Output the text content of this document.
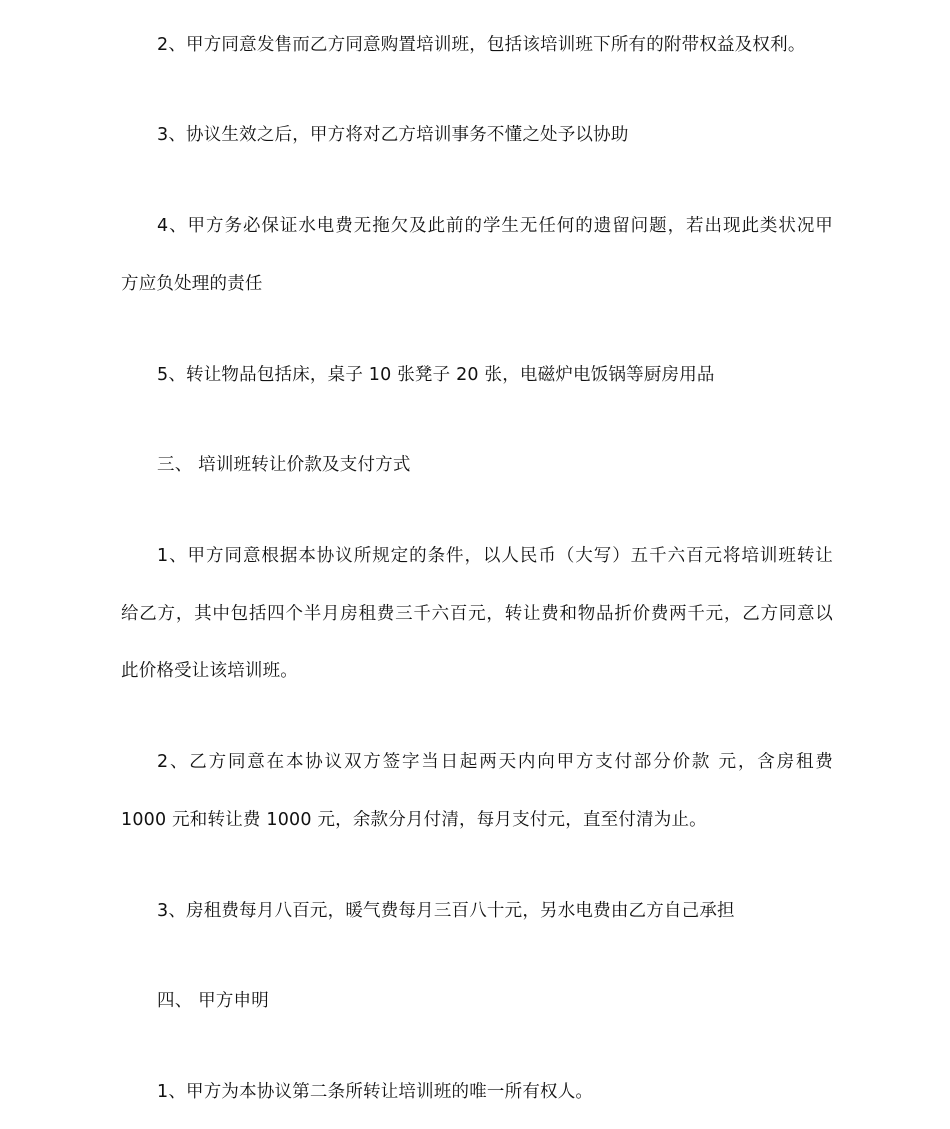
2、甲方同意发售而乙方同意购置培训班，包括该培训班下所有的附带权益及权利。
3、协议生效之后，甲方将对乙方培训事务不懂之处予以协助
4、甲方务必保证水电费无拖欠及此前的学生无任何的遗留问题，若出现此类状况甲
方应负处理的责任
5、转让物品包括床，桌子 10 张凳子 20 张，电磁炉电饭锅等厨房用品
三、 培训班转让价款及支付方式
1、甲方同意根据本协议所规定的条件，以人民币（大写）五千六百元将培训班转让
给乙方，其中包括四个半月房租费三千六百元，转让费和物品折价费两千元，乙方同意以
此价格受让该培训班。
2、乙方同意在本协议双方签字当日起两天内向甲方支付部分价款 元，含房租费
1000 元和转让费 1000 元，余款分月付清，每月支付元，直至付清为止。
3、房租费每月八百元，暖气费每月三百八十元，另水电费由乙方自己承担
四、 甲方申明
1、甲方为本协议第二条所转让培训班的唯一所有权人。
